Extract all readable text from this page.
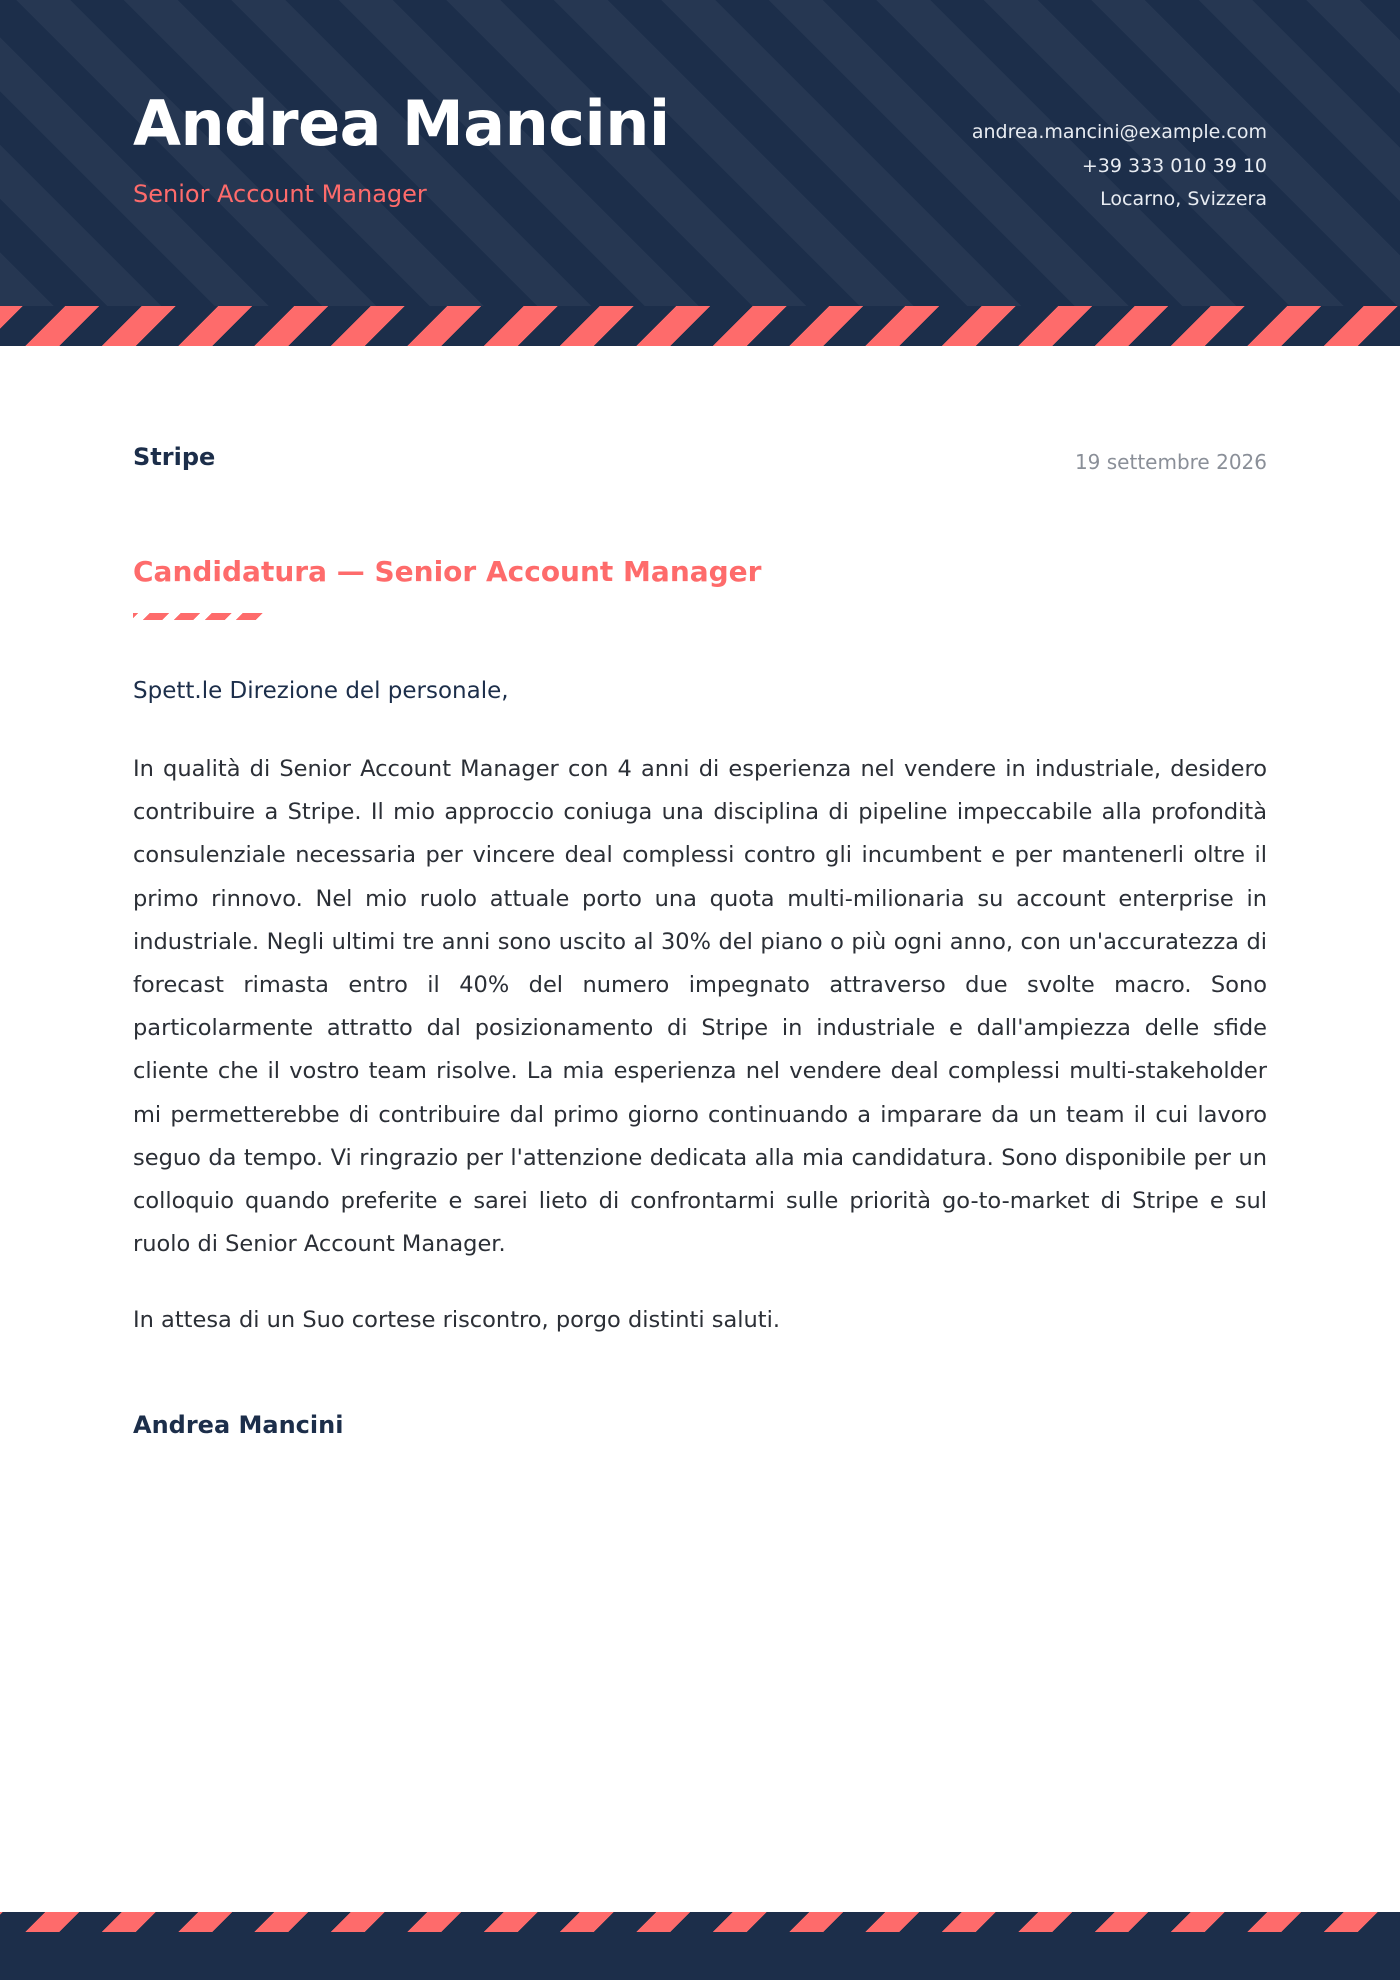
Andrea Mancini
Senior Account Manager
andrea.mancini@example.com
+39 333 010 39 10
Locarno, Svizzera
Stripe	19 settembre 2026
Candidatura — Senior Account Manager
Spett.le Direzione del personale,

In qualità di Senior Account Manager con 4 anni di esperienza nel vendere in industriale, desidero contribuire a Stripe. Il mio approccio coniuga una disciplina di pipeline impeccabile alla profondità consulenziale necessaria per vincere deal complessi contro gli incumbent e per mantenerli oltre il primo rinnovo. Nel mio ruolo attuale porto una quota multi-milionaria su account enterprise in industriale. Negli ultimi tre anni sono uscito al 30% del piano o più ogni anno, con un'accuratezza di forecast rimasta entro il 40% del numero impegnato attraverso due svolte macro. Sono particolarmente attratto dal posizionamento di Stripe in industriale e dall'ampiezza delle sfide cliente che il vostro team risolve. La mia esperienza nel vendere deal complessi multi-stakeholder mi permetterebbe di contribuire dal primo giorno continuando a imparare da un team il cui lavoro seguo da tempo. Vi ringrazio per l'attenzione dedicata alla mia candidatura. Sono disponibile per un colloquio quando preferite e sarei lieto di confrontarmi sulle priorità go-to-market di Stripe e sul ruolo di Senior Account Manager.

In attesa di un Suo cortese riscontro, porgo distinti saluti.
Andrea Mancini
